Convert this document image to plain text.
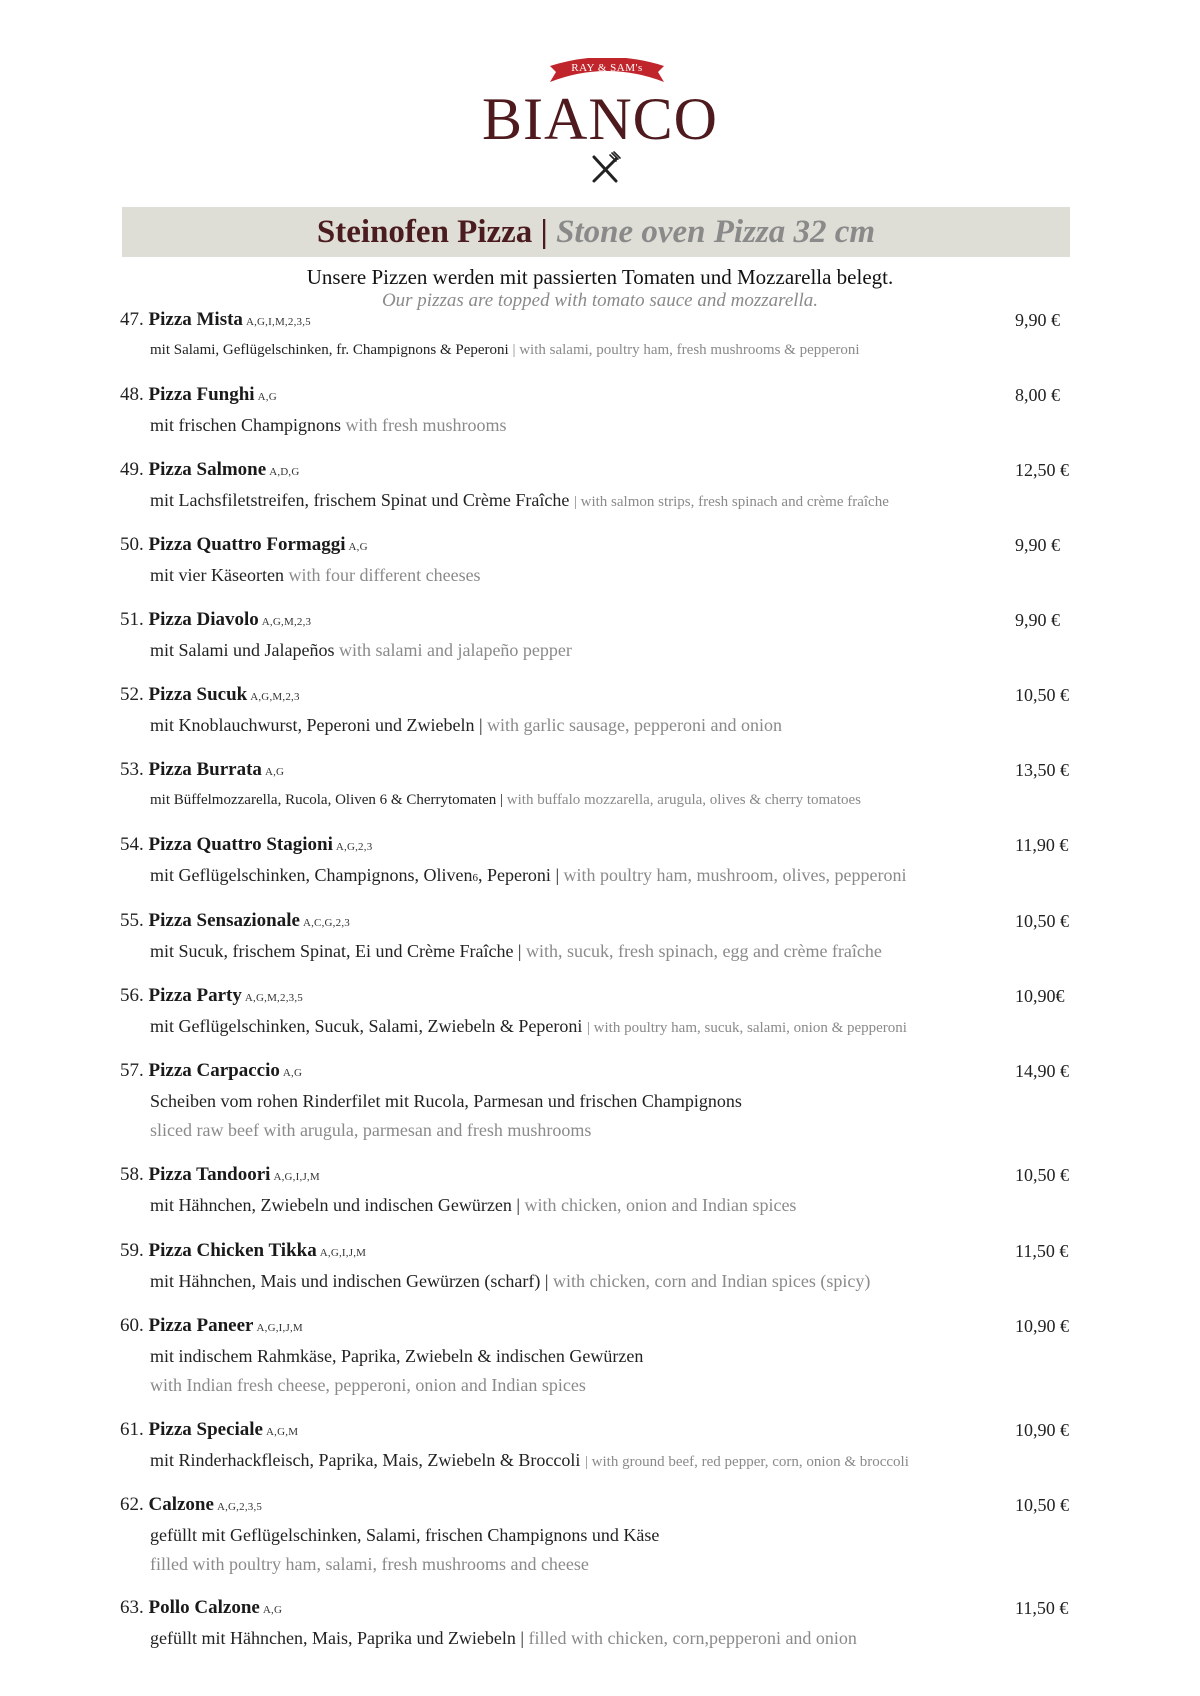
RAY & SAM's
BIANCO
Steinofen Pizza | Stone oven Pizza 32 cm
Unsere Pizzen werden mit passierten Tomaten und Mozzarella belegt.
Our pizzas are topped with tomato sauce and mozzarella.
47. Pizza Mista A,G,I,M,2,3,5	9,90 €
mit Salami, Geflügelschinken, fr. Champignons & Peperoni | with salami, poultry ham, fresh mushrooms & pepperoni
48. Pizza Funghi A,G	8,00 €
mit frischen Champignons with fresh mushrooms
49. Pizza Salmone A,D,G	12,50 €
mit Lachsfiletstreifen, frischem Spinat und Crème Fraîche | with salmon strips, fresh spinach and crème fraîche
50. Pizza Quattro Formaggi A,G	9,90 €
mit vier Käseorten with four different cheeses
51. Pizza Diavolo A,G,M,2,3	9,90 €
mit Salami und Jalapeños with salami and jalapeño pepper
52. Pizza Sucuk A,G,M,2,3	10,50 €
mit Knoblauchwurst, Peperoni und Zwiebeln | with garlic sausage, pepperoni and onion
53. Pizza Burrata A,G	13,50 €
mit Büffelmozzarella, Rucola, Oliven 6 & Cherrytomaten | with buffalo mozzarella, arugula, olives & cherry tomatoes
54. Pizza Quattro Stagioni A,G,2,3	11,90 €
mit Geflügelschinken, Champignons, Oliven6, Peperoni | with poultry ham, mushroom, olives, pepperoni
55. Pizza Sensazionale A,C,G,2,3	10,50 €
mit Sucuk, frischem Spinat, Ei und Crème Fraîche | with, sucuk, fresh spinach, egg and crème fraîche
56. Pizza Party A,G,M,2,3,5	10,90€
mit Geflügelschinken, Sucuk, Salami, Zwiebeln & Peperoni | with poultry ham, sucuk, salami, onion & pepperoni
57. Pizza Carpaccio A,G	14,90 €
Scheiben vom rohen Rinderfilet mit Rucola, Parmesan und frischen Champignons
sliced raw beef with arugula, parmesan and fresh mushrooms
58. Pizza Tandoori A,G,I,J,M	10,50 €
mit Hähnchen, Zwiebeln und indischen Gewürzen | with chicken, onion and Indian spices
59. Pizza Chicken Tikka A,G,I,J,M	11,50 €
mit Hähnchen, Mais und indischen Gewürzen (scharf) | with chicken, corn and Indian spices (spicy)
60. Pizza Paneer A,G,I,J,M	10,90 €
mit indischem Rahmkäse, Paprika, Zwiebeln & indischen Gewürzen
with Indian fresh cheese, pepperoni, onion and Indian spices
61. Pizza Speciale A,G,M	10,90 €
mit Rinderhackfleisch, Paprika, Mais, Zwiebeln & Broccoli | with ground beef, red pepper, corn, onion & broccoli
62. Calzone A,G,2,3,5	10,50 €
gefüllt mit Geflügelschinken, Salami, frischen Champignons und Käse
filled with poultry ham, salami, fresh mushrooms and cheese
63. Pollo Calzone A,G	11,50 €
gefüllt mit Hähnchen, Mais, Paprika und Zwiebeln | filled with chicken, corn,pepperoni and onion
